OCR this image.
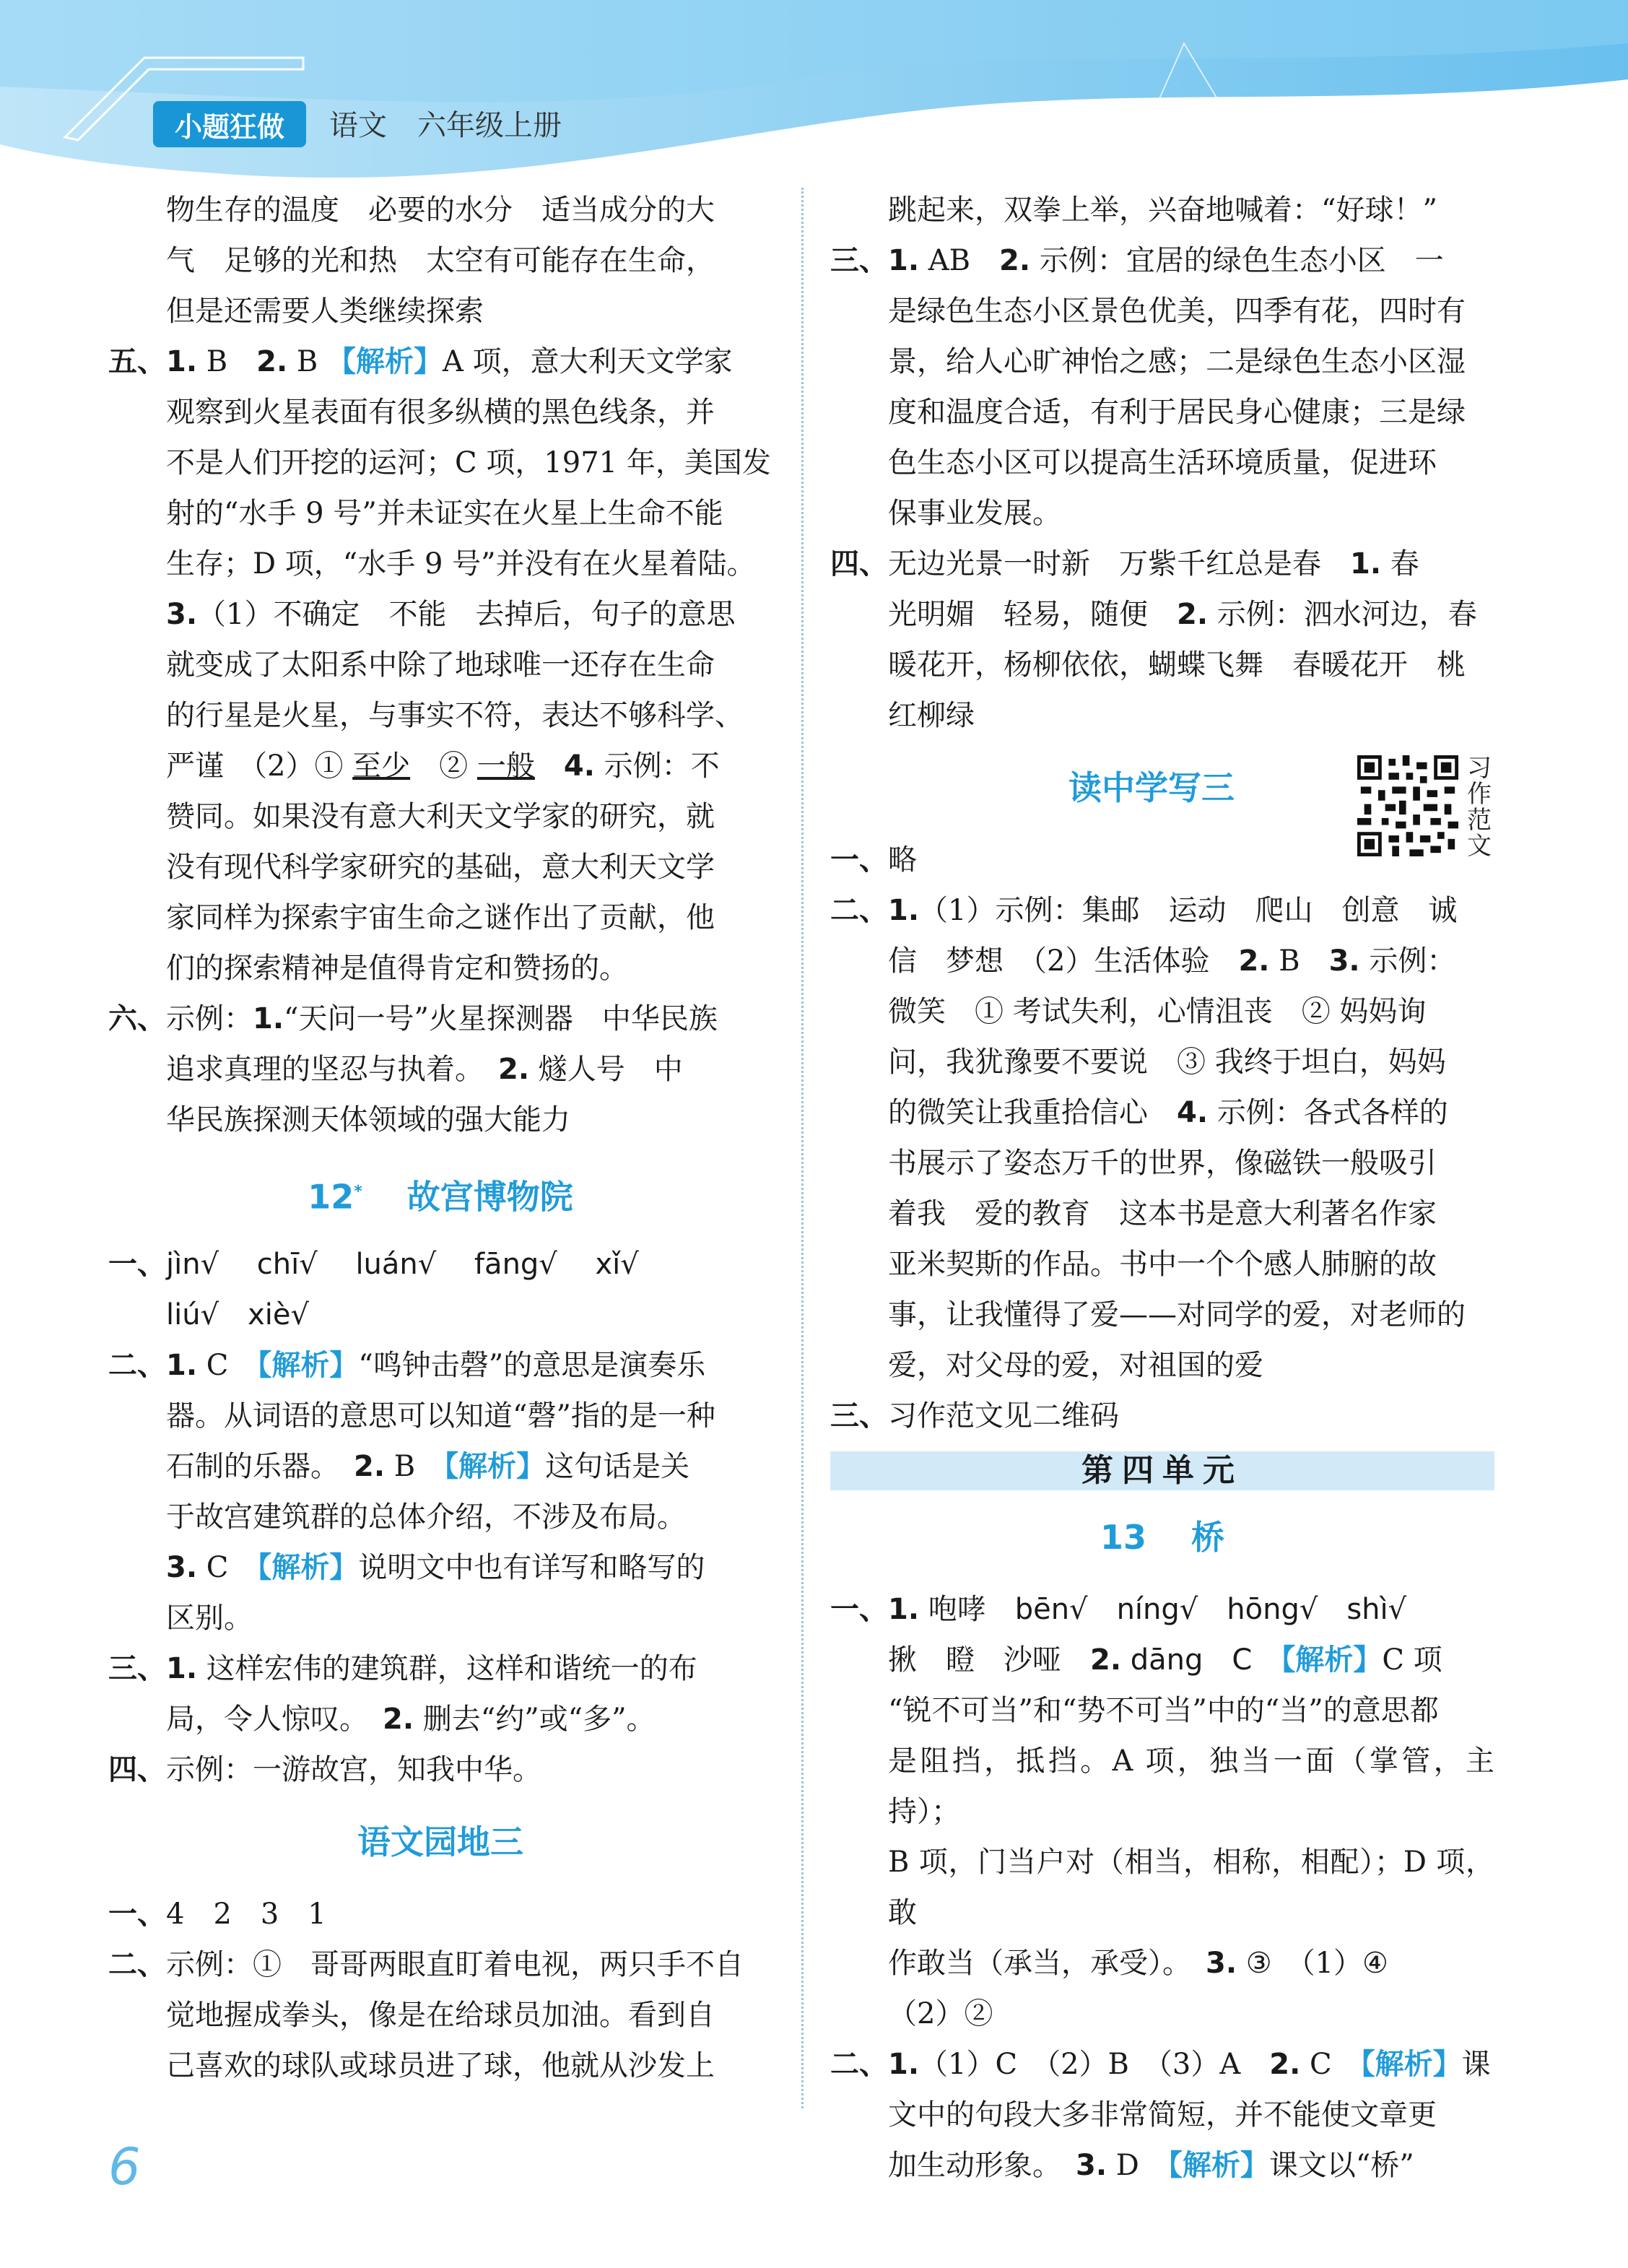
小题狂做	语文 六年级上册

物生存的温度　必要的水分　适当成分的大

气　足够的光和热　太空有可能存在生命，

但是还需要人类继续探索

五、1. B　2. B 【解析】A 项，意大利天文学家

观察到火星表面有很多纵横的黑色线条，并

不是人们开挖的运河；C 项，1971 年，美国发

射的“水手 9 号”并未证实在火星上生命不能

生存；D 项，“水手 9 号”并没有在火星着陆。

3.（1）不确定　不能　去掉后，句子的意思

就变成了太阳系中除了地球唯一还存在生命

的行星是火星，与事实不符，表达不够科学、

严谨　（2）① 至少　② 一般　 4. 示例：不

赞同。如果没有意大利天文学家的研究，就

没有现代科学家研究的基础，意大利天文学

家同样为探索宇宙生命之谜作出了贡献，他

们的探索精神是值得肯定和赞扬的。

六、示例：1.“天问一号”火星探测器　中华民族

追求真理的坚忍与执着。　2. 燧人号　中

华民族探测天体领域的强大能力

12*　 故宫博物院

一、jìn√　 chī√　 luán√　 fāng√　 xǐ√

liú√　xiè√

二、1. C　【解析】“鸣钟击磬”的意思是演奏乐

器。从词语的意思可以知道“磬”指的是一种

石制的乐器。　2. B　【解析】这句话是关

于故宫建筑群的总体介绍，不涉及布局。

3. C　【解析】说明文中也有详写和略写的

区别。

三、1. 这样宏伟的建筑群，这样和谐统一的布

局，令人惊叹。　2. 删去“约”或“多”。

四、示例：一游故宫，知我中华。

语文园地三

一、4　2　3　1

二、示例：①　哥哥两眼直盯着电视，两只手不自

觉地握成拳头，像是在给球员加油。看到自

己喜欢的球队或球员进了球，他就从沙发上

跳起来，双拳上举，兴奋地喊着：“好球！”

三、1. AB　2. 示例：宜居的绿色生态小区　一

是绿色生态小区景色优美，四季有花，四时有

景，给人心旷神怡之感；二是绿色生态小区湿

度和温度合适，有利于居民身心健康；三是绿

色生态小区可以提高生活环境质量，促进环

保事业发展。

四、无边光景一时新　万紫千红总是春　1. 春

光明媚　轻易，随便　2. 示例：泗水河边，春

暖花开，杨柳依依，蝴蝶飞舞　春暖花开　桃

红柳绿

读中学写三

一、略

二、1.（1）示例：集邮　运动　爬山　创意　诚

信　梦想　（2）生活体验　2. B　3. 示例：

微笑　① 考试失利，心情沮丧　② 妈妈询

问，我犹豫要不要说　③ 我终于坦白，妈妈

的微笑让我重拾信心　4. 示例：各式各样的

书展示了姿态万千的世界，像磁铁一般吸引

着我　爱的教育　这本书是意大利著名作家

亚米契斯的作品。书中一个个感人肺腑的故

事，让我懂得了爱——对同学的爱，对老师的

爱，对父母的爱，对祖国的爱

三、习作范文见二维码

第四单元
13　 桥

一、1. 咆哮　bēn√　níng√　hōng√　shì√

揪　瞪　沙哑　2. dāng　C　【解析】C 项

“锐不可当”和“势不可当”中的“当”的意思都

是阻挡，抵挡。A 项，独当一面（掌管，主持）；

B 项，门当户对（相当，相称，相配）；D 项，敢

作敢当（承当，承受）。　3. ③　（1）④

（2）②

二、1.（1）C　（2）B　（3）A　2. C　【解析】课

文中的句段大多非常简短，并不能使文章更

加生动形象。　3. D　【解析】课文以“桥”

习作范文
6
